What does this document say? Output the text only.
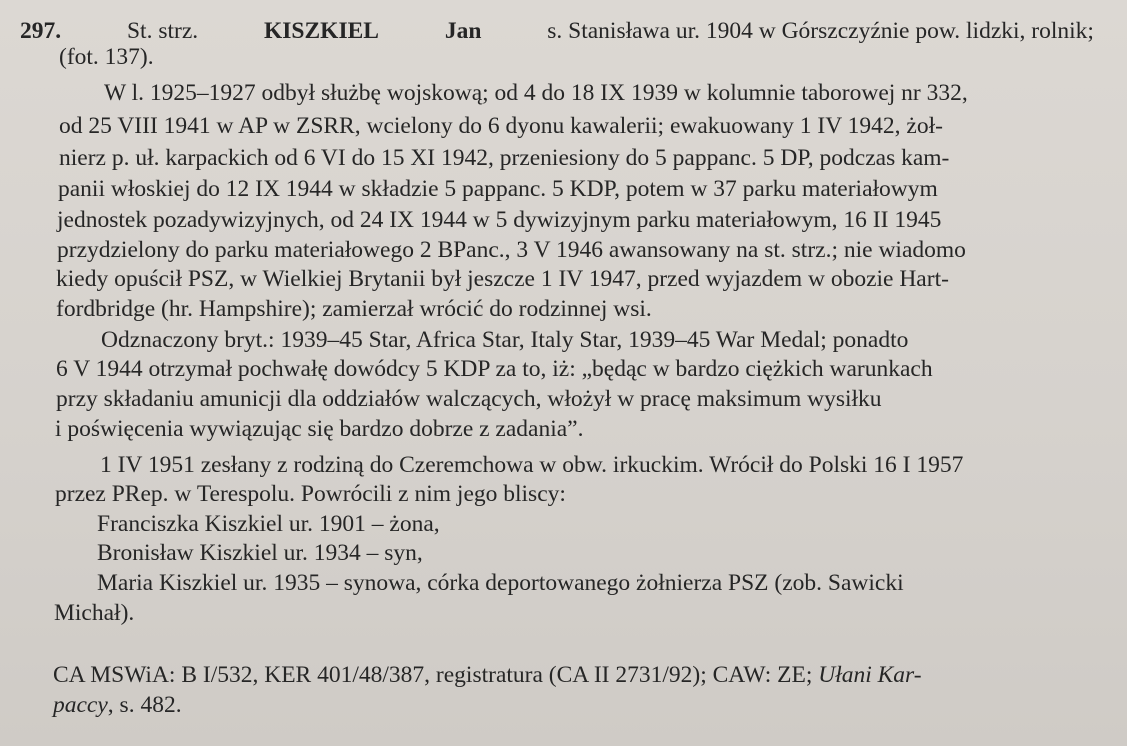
297.	St. strz.	KISZKIEL	Jan	s. Stanisława ur. 1904 w Górszczyźnie pow. lidzki, rolnik;
(fot. 137).
W l. 1925–1927 odbył służbę wojskową; od 4 do 18 IX 1939 w kolumnie taborowej nr 332,
od 25 VIII 1941 w AP w ZSRR, wcielony do 6 dyonu kawalerii; ewakuowany 1 IV 1942, żoł-
nierz p. uł. karpackich od 6 VI do 15 XI 1942, przeniesiony do 5 pappanc. 5 DP, podczas kam-
panii włoskiej do 12 IX 1944 w składzie 5 pappanc. 5 KDP, potem w 37 parku materiałowym
jednostek pozadywizyjnych, od 24 IX 1944 w 5 dywizyjnym parku materiałowym, 16 II 1945
przydzielony do parku materiałowego 2 BPanc., 3 V 1946 awansowany na st. strz.; nie wiadomo
kiedy opuścił PSZ, w Wielkiej Brytanii był jeszcze 1 IV 1947, przed wyjazdem w obozie Hart-
fordbridge (hr. Hampshire); zamierzał wrócić do rodzinnej wsi.
Odznaczony bryt.: 1939–45 Star, Africa Star, Italy Star, 1939–45 War Medal; ponadto
6 V 1944 otrzymał pochwałę dowódcy 5 KDP za to, iż: „będąc w bardzo ciężkich warunkach
przy składaniu amunicji dla oddziałów walczących, włożył w pracę maksimum wysiłku
i poświęcenia wywiązując się bardzo dobrze z zadania”.
1 IV 1951 zesłany z rodziną do Czeremchowa w obw. irkuckim. Wrócił do Polski 16 I 1957
przez PRep. w Terespolu. Powrócili z nim jego bliscy:
Franciszka Kiszkiel ur. 1901 – żona,
Bronisław Kiszkiel ur. 1934 – syn,
Maria Kiszkiel ur. 1935 – synowa, córka deportowanego żołnierza PSZ (zob. Sawicki
Michał).
CA MSWiA: B I/532, KER 401/48/387, registratura (CA II 2731/92); CAW: ZE; Ułani Kar-
paccy, s. 482.
